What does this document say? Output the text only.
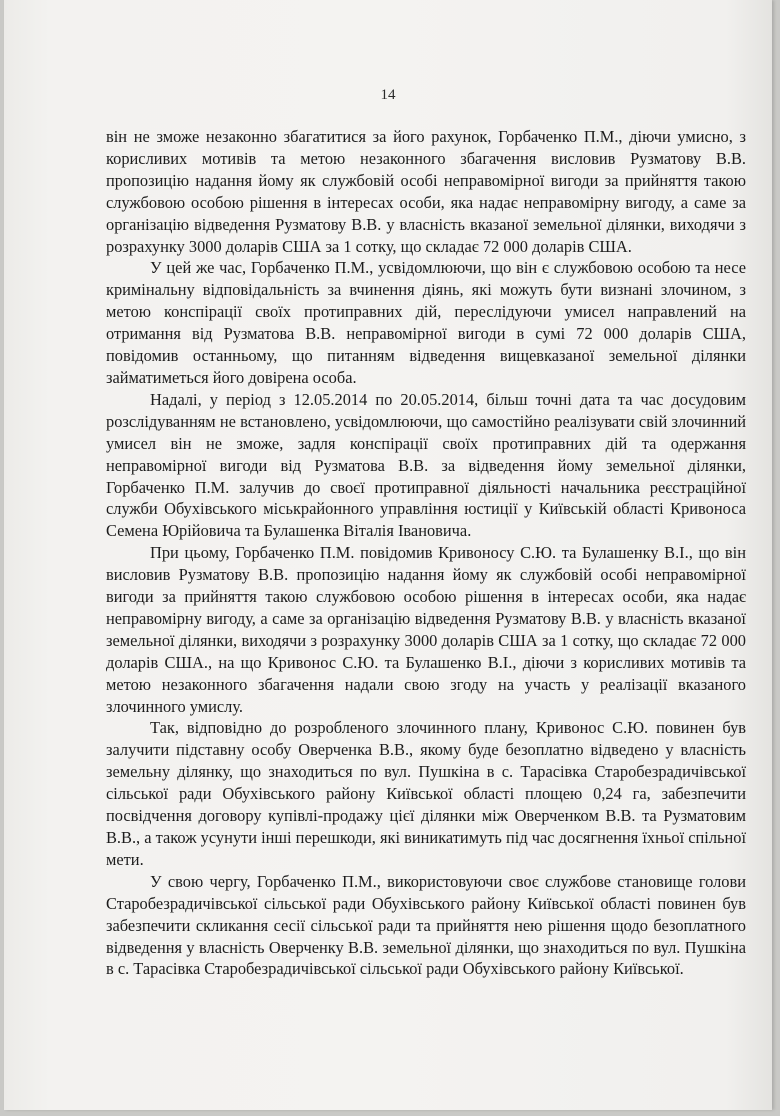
14

він не зможе незаконно збагатитися за його рахунок, Горбаченко П.М., діючи умисно, з корисливих мотивів та метою незаконного збагачення висловив Рузматову В.В. пропозицію надання йому як службовій особі неправомірної вигоди за прийняття такою службовою особою рішення в інтересах особи, яка надає неправомірну вигоду, а саме за організацію відведення Рузматову В.В. у власність вказаної земельної ділянки, виходячи з розрахунку 3000 доларів США за 1 сотку, що складає 72 000 доларів США.

У цей же час, Горбаченко П.М., усвідомлюючи, що він є службовою особою та несе кримінальну відповідальність за вчинення діянь, які можуть бути визнані злочином, з метою конспірації своїх протиправних дій, переслідуючи умисел направлений на отримання від Рузматова В.В. неправомірної вигоди в сумі 72 000 доларів США, повідомив останньому, що питанням відведення вищевказаної земельної ділянки займатиметься його довірена особа.

Надалі, у період з 12.05.2014 по 20.05.2014, більш точні дата та час досудовим розслідуванням не встановлено, усвідомлюючи, що самостійно реалізувати свій злочинний умисел він не зможе, задля конспірації своїх протиправних дій та одержання неправомірної вигоди від Рузматова В.В. за відведення йому земельної ділянки, Горбаченко П.М. залучив до своєї протиправної діяльності начальника реєстраційної служби Обухівського міськрайонного управління юстиції у Київській області Кривоноса Семена Юрійовича та Булашенка Віталія Івановича.

При цьому, Горбаченко П.М. повідомив Кривоносу С.Ю. та Булашенку В.І., що він висловив Рузматову В.В. пропозицію надання йому як службовій особі неправомірної вигоди за прийняття такою службовою особою рішення в інтересах особи, яка надає неправомірну вигоду, а саме за організацію відведення Рузматову В.В. у власність вказаної земельної ділянки, виходячи з розрахунку 3000 доларів США за 1 сотку, що складає 72 000 доларів США., на що Кривонос С.Ю. та Булашенко В.І., діючи з корисливих мотивів та метою незаконного збагачення надали свою згоду на участь у реалізації вказаного злочинного умислу.

Так, відповідно до розробленого злочинного плану, Кривонос С.Ю. повинен був залучити підставну особу Оверченка В.В., якому буде безоплатно відведено у власність земельну ділянку, що знаходиться по вул. Пушкіна в с. Тарасівка Старобезрадичівської сільської ради Обухівського району Київської області площею 0,24 га, забезпечити посвідчення договору купівлі-продажу цієї ділянки між Оверченком В.В. та Рузматовим В.В., а також усунути інші перешкоди, які виникатимуть під час досягнення їхньої спільної мети.

У свою чергу, Горбаченко П.М., використовуючи своє службове становище голови Старобезрадичівської сільської ради Обухівського району Київської області повинен був забезпечити скликання сесії сільської ради та прийняття нею рішення щодо безоплатного відведення у власність Оверченку В.В. земельної ділянки, що знаходиться по вул. Пушкіна в с. Тарасівка Старобезрадичівської сільської ради Обухівського району Київської.
